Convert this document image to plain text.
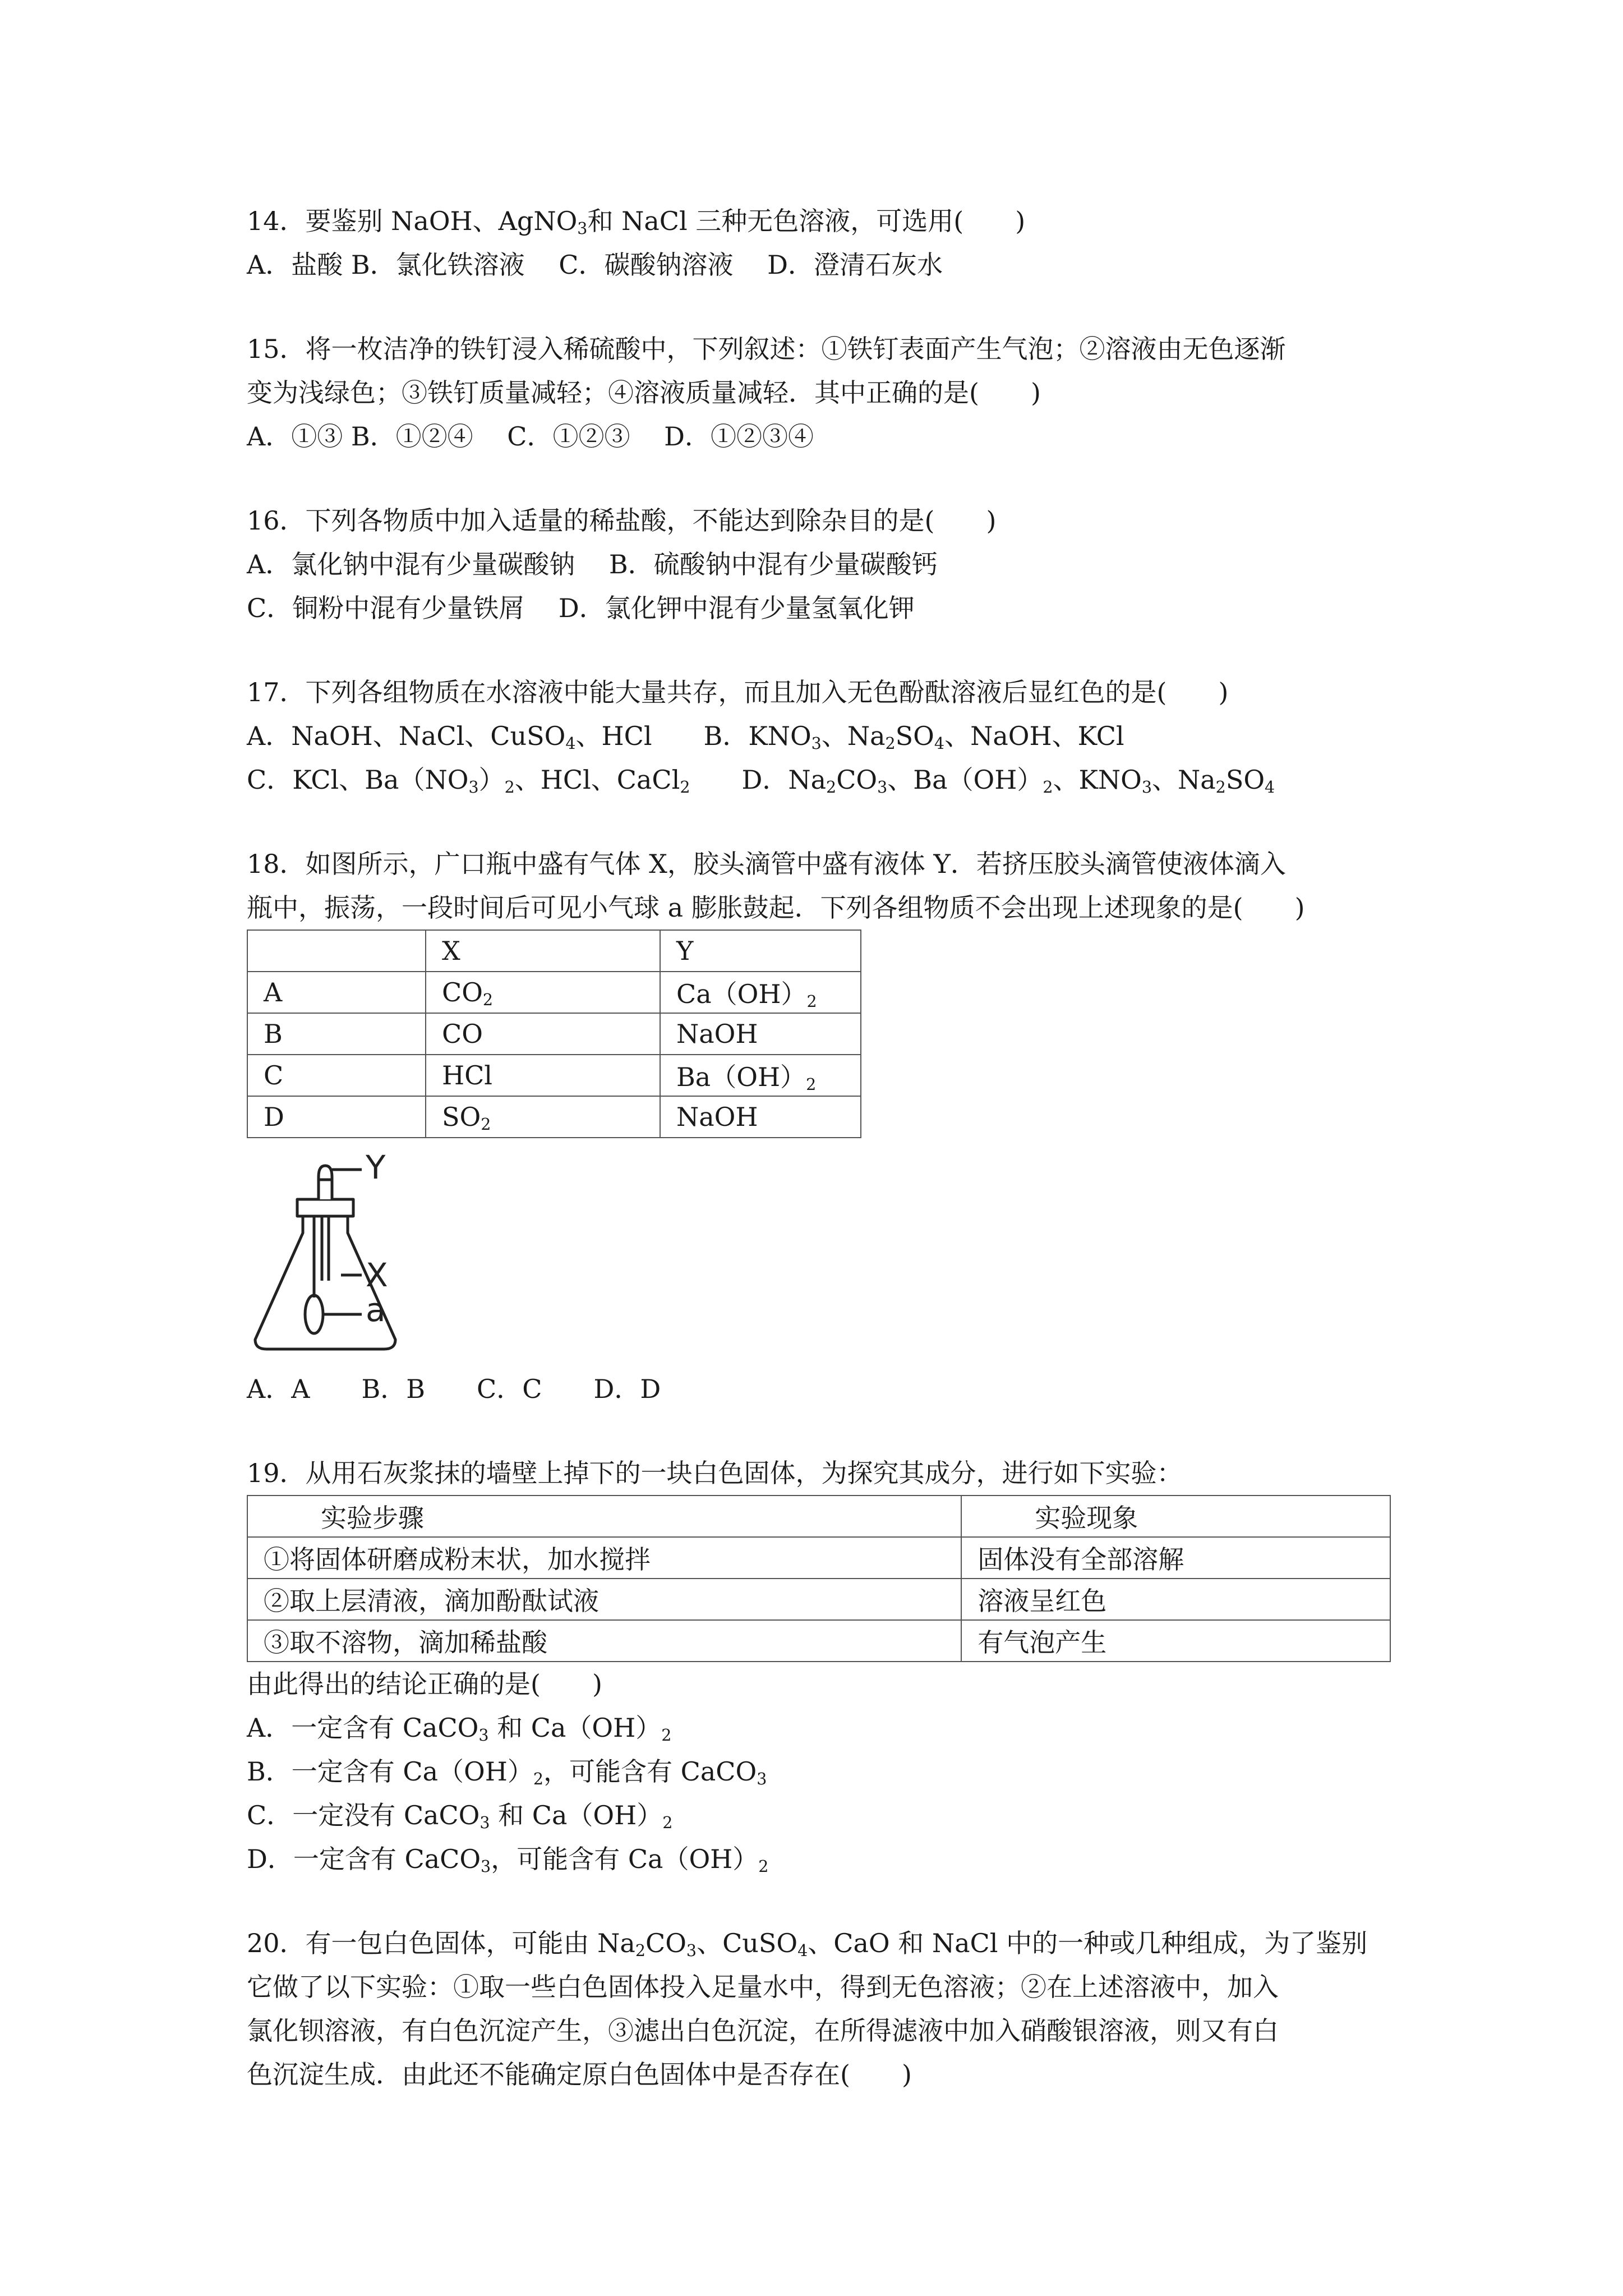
14．要鉴别 NaOH、AgNO$_3$和 NaCl 三种无色溶液，可选用(　　)
A．盐酸 B．氯化铁溶液　 C．碳酸钠溶液　 D．澄清石灰水
15．将一枚洁净的铁钉浸入稀硫酸中，下列叙述：①铁钉表面产生气泡；②溶液由无色逐渐
变为浅绿色；③铁钉质量减轻；④溶液质量减轻．其中正确的是(　　)
A．①③ B．①②④　 C．①②③　 D．①②③④
16．下列各物质中加入适量的稀盐酸，不能达到除杂目的是(　　)
A．氯化钠中混有少量碳酸钠　 B．硫酸钠中混有少量碳酸钙
C．铜粉中混有少量铁屑　 D．氯化钾中混有少量氢氧化钾
17．下列各组物质在水溶液中能大量共存，而且加入无色酚酞溶液后显红色的是(　　)
A．NaOH、NaCl、CuSO$_4$、HCl　　B．$KNO_3$、$Na_2SO_4$、NaOH、KCl
C．KCl、$Ba(NO_3)_2$、HCl、CaCl$_2$　　D．$Na_2CO_3$、$Ba(OH)_2$、$KNO_3$、$Na_2SO_4$
18．如图所示，广口瓶中盛有气体 X，胶头滴管中盛有液体 Y．若挤压胶头滴管使液体滴入
瓶中，振荡，一段时间后可见小气球 a 膨胀鼓起．下列各组物质不会出现上述现象的是(　　)
	X	Y
A	$CO_2$	$Ca(OH)_2$
B	CO	NaOH
C	HCl	$Ba(OH)_2$
D	$SO_2$	NaOH
Y
X
a
A．A　　B．B　　C．C　　D．D
19．从用石灰浆抹的墙壁上掉下的一块白色固体，为探究其成分，进行如下实验：
实验步骤	实验现象
①将固体研磨成粉末状，加水搅拌	固体没有全部溶解
②取上层清液，滴加酚酞试液	溶液呈红色
③取不溶物，滴加稀盐酸	有气泡产生
由此得出的结论正确的是(　　)
A．一定含有 CaCO$_3$ 和 $Ca(OH)_2$
B．一定含有 $Ca(OH)_2$，可能含有 CaCO$_3$
C．一定没有 CaCO$_3$ 和 $Ca(OH)_2$
D．一定含有 CaCO$_3$，可能含有 $Ca(OH)_2$
20．有一包白色固体，可能由 $Na_2CO_3$、CuSO$_4$、CaO 和 NaCl 中的一种或几种组成，为了鉴别
它做了以下实验：①取一些白色固体投入足量水中，得到无色溶液；②在上述溶液中，加入
氯化钡溶液，有白色沉淀产生，③滤出白色沉淀，在所得滤液中加入硝酸银溶液，则又有白
色沉淀生成．由此还不能确定原白色固体中是否存在(　　)
